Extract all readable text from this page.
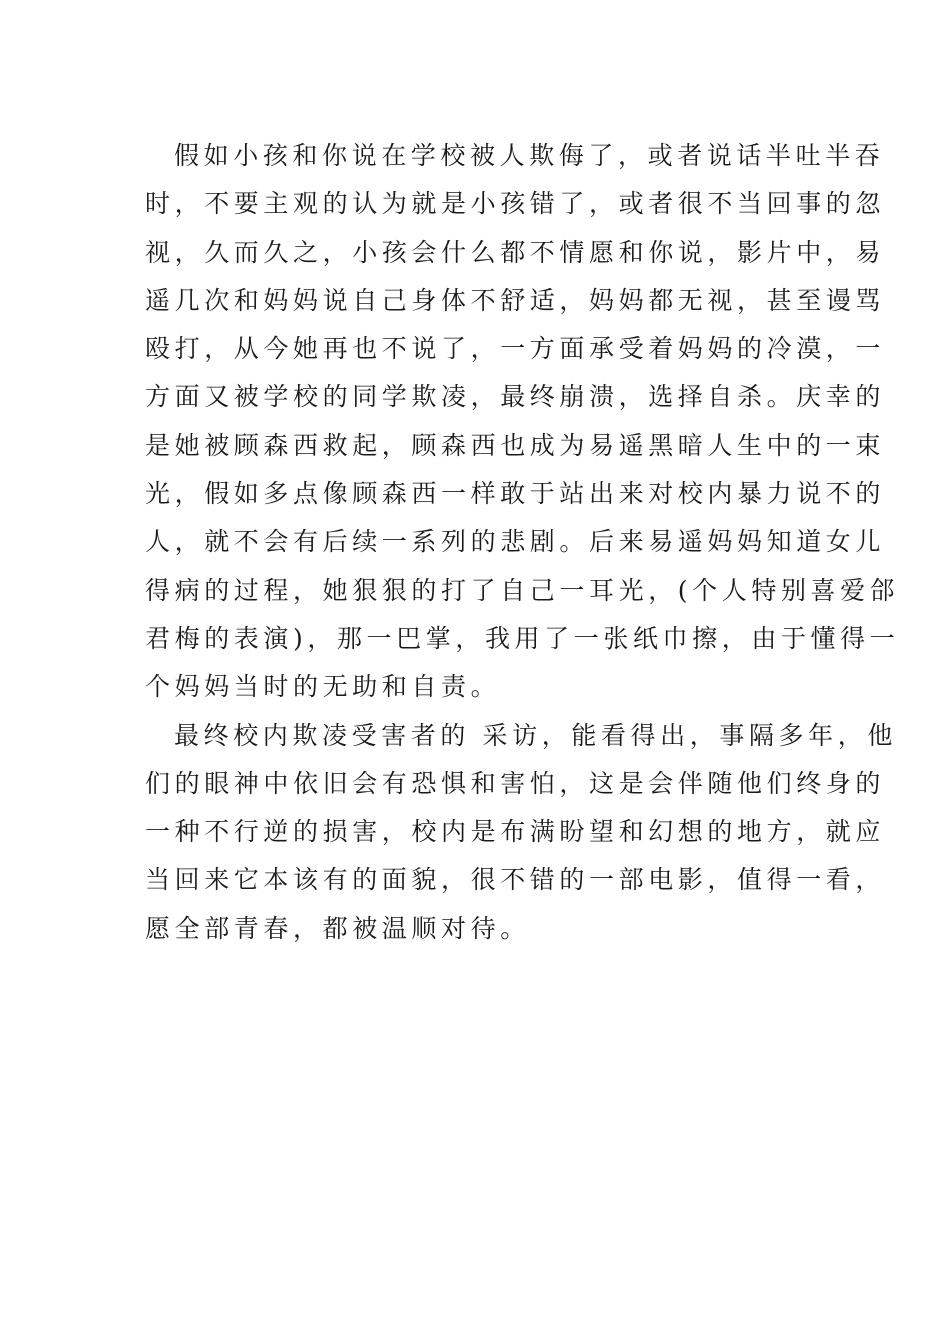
假如小孩和你说在学校被人欺侮了，或者说话半吐半吞
时，不要主观的认为就是小孩错了，或者很不当回事的忽
视，久而久之，小孩会什么都不情愿和你说，影片中，易
遥几次和妈妈说自己身体不舒适，妈妈都无视，甚至谩骂
殴打，从今她再也不说了，一方面承受着妈妈的冷漠，一
方面又被学校的同学欺凌，最终崩溃，选择自杀。庆幸的
是她被顾森西救起，顾森西也成为易遥黑暗人生中的一束
光，假如多点像顾森西一样敢于站出来对校内暴力说不的
人，就不会有后续一系列的悲剧。后来易遥妈妈知道女儿
得病的过程，她狠狠的打了自己一耳光，(个人特别喜爱郃
君梅的表演)，那一巴掌，我用了一张纸巾擦，由于懂得一
个妈妈当时的无助和自责。
最终校内欺凌受害者的 采访，能看得出，事隔多年，他
们的眼神中依旧会有恐惧和害怕，这是会伴随他们终身的
一种不行逆的损害，校内是布满盼望和幻想的地方，就应
当回来它本该有的面貌，很不错的一部电影，值得一看，
愿全部青春，都被温顺对待。
